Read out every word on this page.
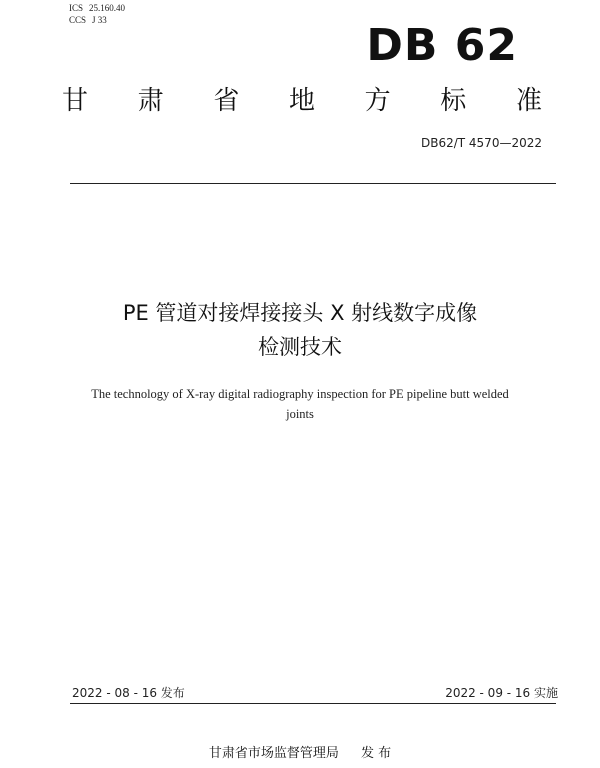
ICS 25.160.40
CCS J 33	DB 62
甘 肃 省 地 方 标 准
DB62/T 4570—2022
PE 管道对接焊接接头 X 射线数字成像
检测技术
The technology of X-ray digital radiography inspection for PE pipeline butt welded joints
2022 - 08 - 16 发布	2022 - 09 - 16 实施
甘肃省市场监督管理局 发 布
